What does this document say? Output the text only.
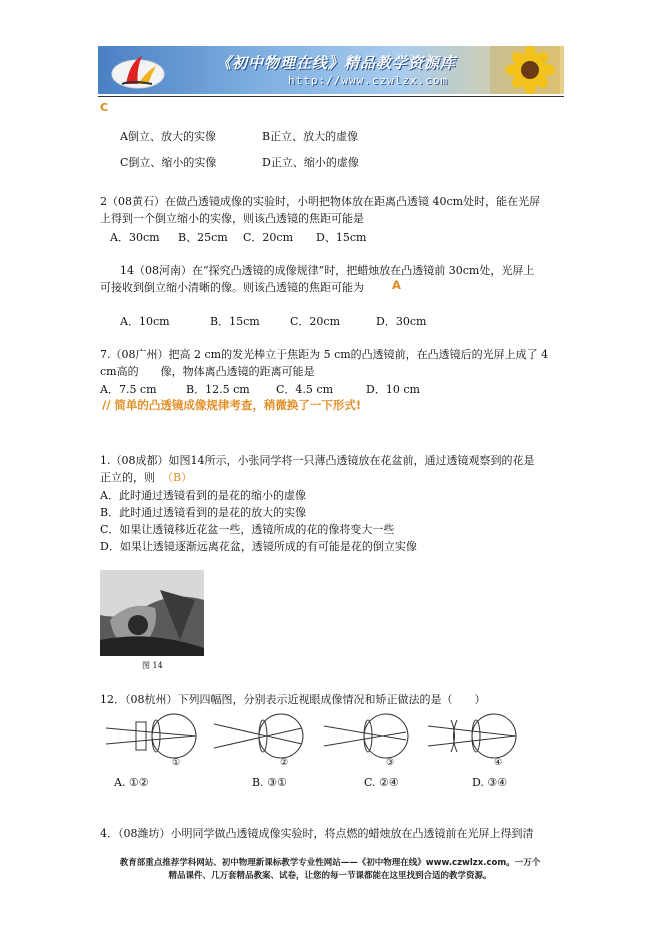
《初中物理在线》精品教学资源库
http://www.czwlzx.com
C
A倒立、放大的实像	B正立、放大的虚像
C倒立、缩小的实像	D正立、缩小的虚像
2（08黄石）在做凸透镜成像的实验时，小明把物体放在距离凸透镜 40cm处时，能在光屏
上得到一个倒立缩小的实像，则该凸透镜的焦距可能是
A．30cm B、25cm C．20cm D、15cm
14（08河南）在“探究凸透镜的成像规律”时，把蜡烛放在凸透镜前 30cm处，光屏上
可接收到倒立缩小清晰的像。则该凸透镜的焦距可能为 A
A．10cm	B．15cm	C．20cm	D．30cm
7.（08广州）把高 2 cm的发光棒立于焦距为 5 cm的凸透镜前，在凸透镜后的光屏上成了 4
cm高的　　像，物体离凸透镜的距离可能是
A．7.5 cm	B．12.5 cm C．4.5 cm	D．10 cm
// 简单的凸透镜成像规律考查，稍微换了一下形式!
1.（08成都）如图14所示，小张同学将一只薄凸透镜放在花盆前，通过透镜观察到的花是
正立的，则 （B）
A．此时通过透镜看到的是花的缩小的虚像
B．此时通过透镜看到的是花的放大的实像
C．如果让透镜移近花盆一些，透镜所成的花的像将变大一些
D．如果让透镜逐渐远离花盆，透镜所成的有可能是花的倒立实像
图 14
12．（08杭州）下列四幅图，分别表示近视眼成像情况和矫正做法的是（　　）
①	②	③	④
A. ①②	B. ③①	C. ②④	D. ③④
4．（08潍坊）小明同学做凸透镜成像实验时，将点燃的蜡烛放在凸透镜前在光屏上得到清
教育部重点推荐学科网站、初中物理新课标教学专业性网站——《初中物理在线》www.czwlzx.com。一万个
精品课件、几万套精品教案、试卷，让您的每一节课都能在这里找到合适的教学资源。
